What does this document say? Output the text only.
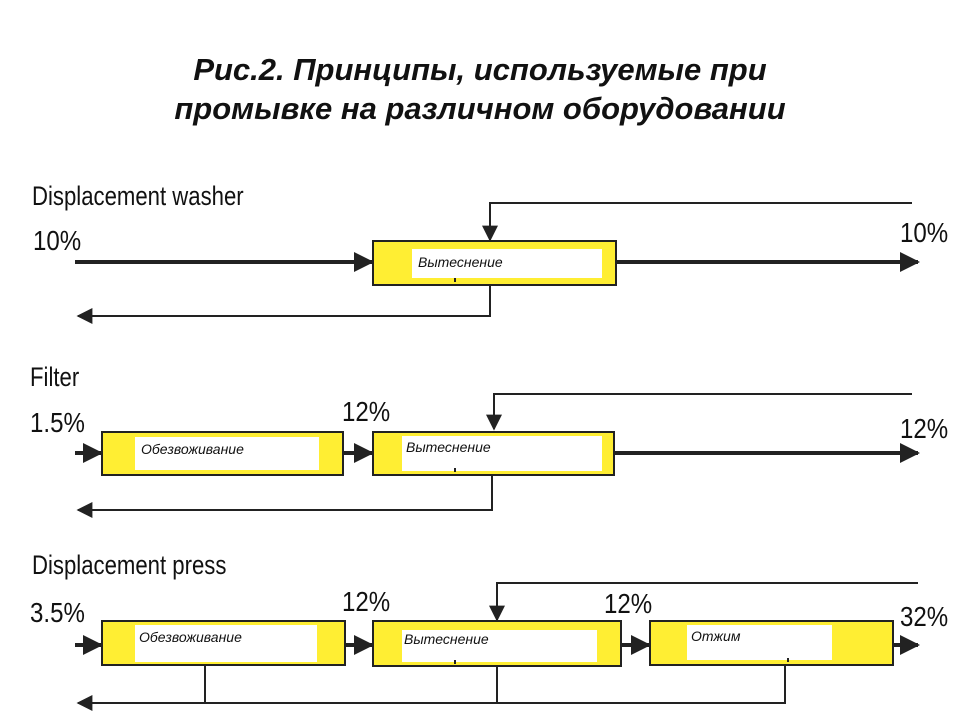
Рис.2. Принципы, используемые при
промывке на различном оборудовании
Displacement washer
10%	10%
Вытеснение
Filter
1.5%	12%
12%
Обезвоживание	Вытеснение
Displacement press
3.5%	12%	12%	32%
Обезвоживание	Вытеснение	Отжим
